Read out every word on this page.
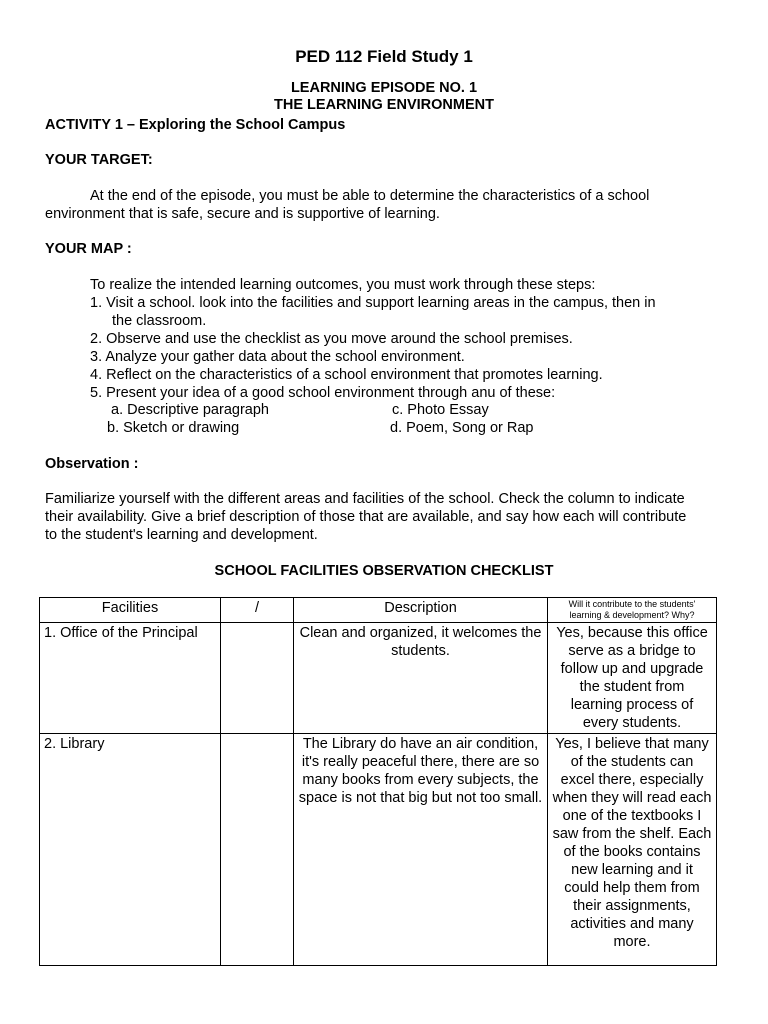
PED 112 Field Study 1
LEARNING EPISODE NO. 1
THE LEARNING ENVIRONMENT
ACTIVITY 1 – Exploring the School Campus
YOUR TARGET:
At the end of the episode, you must be able to determine the characteristics of a school
environment that is safe, secure and is supportive of learning.
YOUR MAP :
To realize the intended learning outcomes, you must work through these steps:
1. Visit a school. look into the facilities and support learning areas in the campus, then in
the classroom.
2. Observe and use the checklist as you move around the school premises.
3. Analyze your gather data about the school environment.
4. Reflect on the characteristics of a school environment that promotes learning.
5. Present your idea of a good school environment through anu of these:
a. Descriptive paragraph	c. Photo Essay
b. Sketch or drawing	d. Poem, Song or Rap
Observation :
Familiarize yourself with the different areas and facilities of the school. Check the column to indicate
their availability. Give a brief description of those that are available, and say how each will contribute
to the student's learning and development.
SCHOOL FACILITIES OBSERVATION CHECKLIST
Facilities	/	Description	Will it contribute to the students' learning & development? Why?
1. Office of the Principal		Clean and organized, it welcomes the students.	Yes, because this office serve as a bridge to follow up and upgrade the student from learning process of every students.
2. Library		The Library do have an air condition, it's really peaceful there, there are so many books from every subjects, the space is not that big but not too small.	Yes, I believe that many of the students can excel there, especially when they will read each one of the textbooks I saw from the shelf. Each of the books contains new learning and it could help them from their assignments, activities and many more.
